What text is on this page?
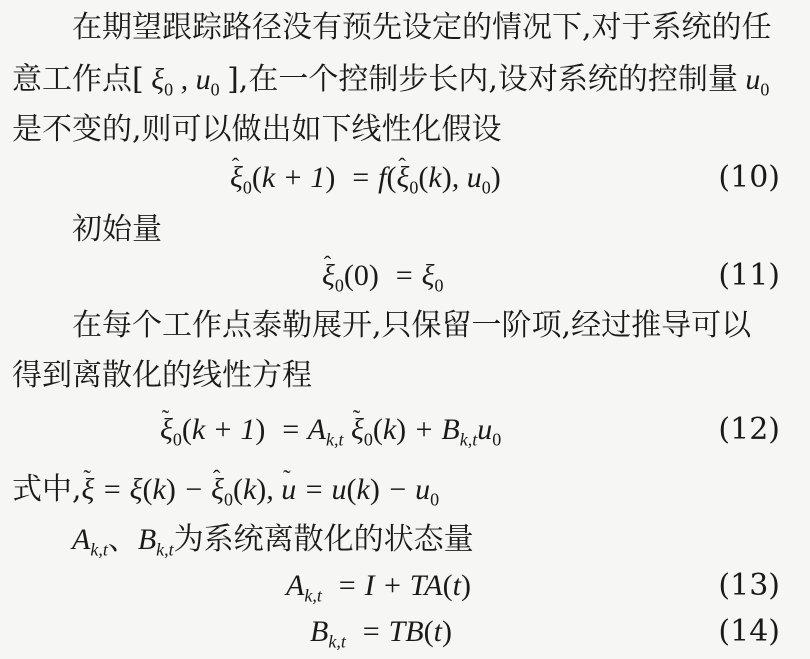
在期望跟踪路径没有预先设定的情况下,对于系统的任
意工作点[ $\xi_0$ , $u_0$ ],在一个控制步长内,设对系统的控制量 $u_0$
是不变的,则可以做出如下线性化假设
ˆ $\xi_0(k + 1)$  = f(ˆ $\xi_0(k)$, $u_0$)	(10)
初始量
ˆ $\xi_0(0) = \xi_0$	(11)
在每个工作点泰勒展开,只保留一阶项,经过推导可以
得到离散化的线性方程
˜ $\xi_0(k + 1) = A_{k,t}$ ˜ $\xi_0(k) + B_{k,t}u_0$	(12)
式中,˜ ξ = ξ(k) − ˆ $\xi_0(k)$, ˜ $u = u(k) - u_0$
$A_{k,t}$、$B_{k,t}$为系统离散化的状态量
$A_{k,t} = I + TA(t)$	(13)
$B_{k,t} = TB(t)$	(14)
